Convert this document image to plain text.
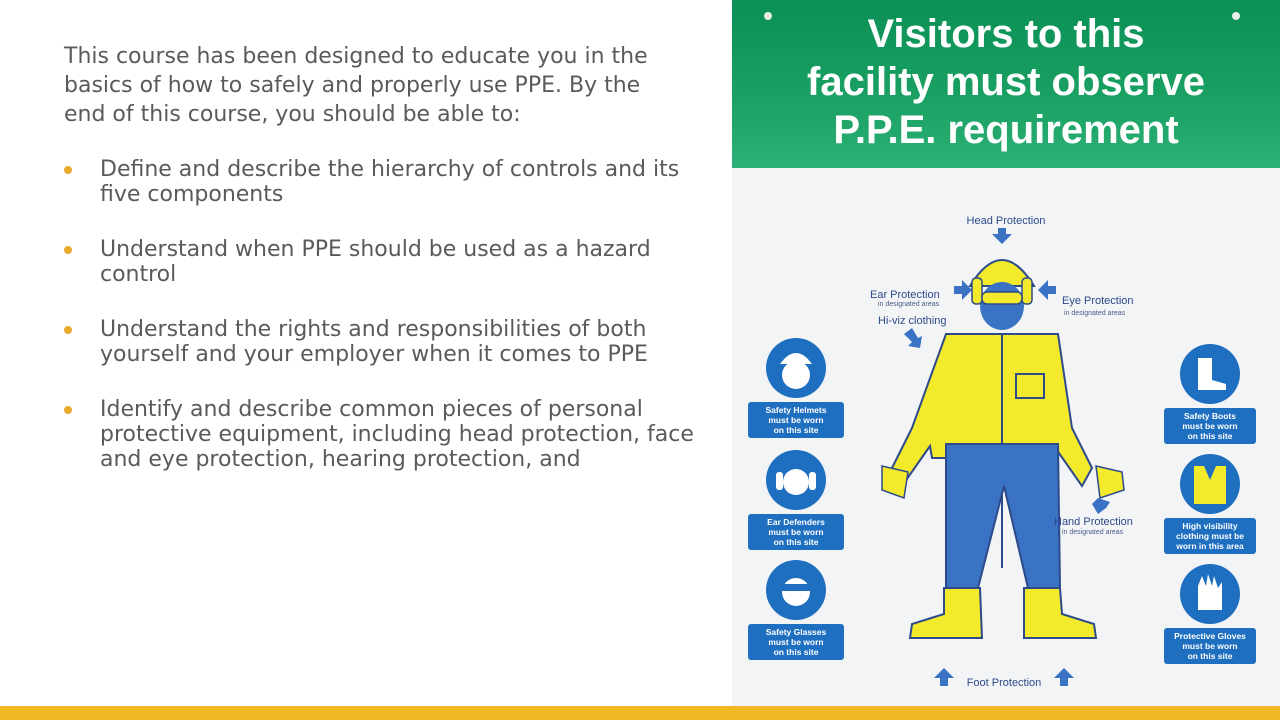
This course has been designed to educate you in the basics of how to safely and properly use PPE. By the end of this course, you should be able to:

Define and describe the hierarchy of controls and its five components
Understand when PPE should be used as a hazard control
Understand the rights and responsibilities of both yourself and your employer when it comes to PPE
Identify and describe common pieces of personal protective equipment, including head protection, face and eye protection, hearing protection, and
Visitors to this
facility must observe
P.P.E. requirement
Safety Helmets
must be worn
on this site
Ear Defenders
must be worn
on this site
Safety Glasses
must be worn
on this site
Safety Boots
must be worn
on this site
High visibility
clothing must be
worn in this area
Protective Gloves
must be worn
on this site
Head Protection
Ear Protection
in designated areas	Eye Protection
in designated areas
Hi-viz clothing
Hand Protection
in designated areas
Foot Protection
